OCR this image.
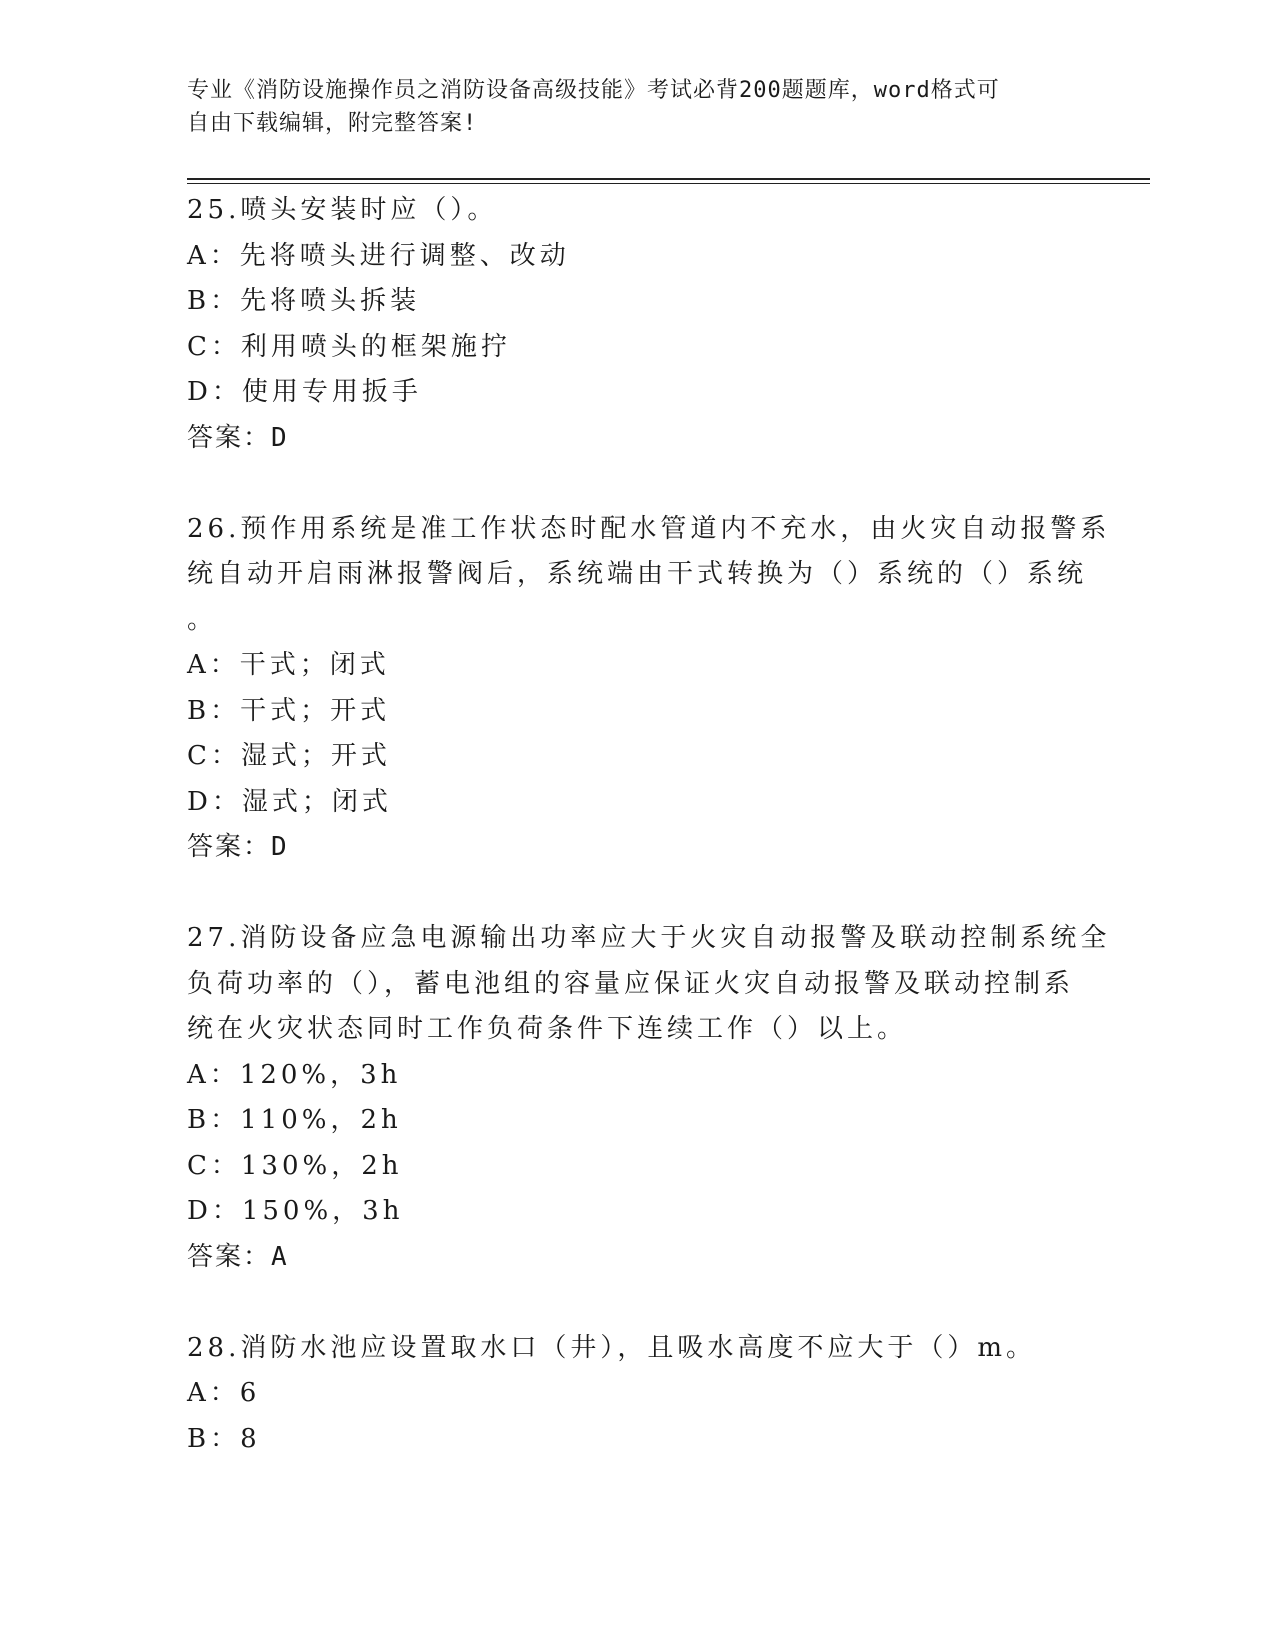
专业《消防设施操作员之消防设备高级技能》考试必背200题题库，word格式可
自由下载编辑，附完整答案!
25.喷头安装时应（）。
A：先将喷头进行调整、改动
B：先将喷头拆装
C：利用喷头的框架施拧
D：使用专用扳手
答案：D
26.预作用系统是准工作状态时配水管道内不充水，由火灾自动报警系
统自动开启雨淋报警阀后，系统端由干式转换为（）系统的（）系统
。
A：干式；闭式
B：干式；开式
C：湿式；开式
D：湿式；闭式
答案：D
27.消防设备应急电源输出功率应大于火灾自动报警及联动控制系统全
负荷功率的（），蓄电池组的容量应保证火灾自动报警及联动控制系
统在火灾状态同时工作负荷条件下连续工作（）以上。
A：120%，3h
B：110%，2h
C：130%，2h
D：150%，3h
答案：A
28.消防水池应设置取水口（井），且吸水高度不应大于（）m。
A：6
B：8
